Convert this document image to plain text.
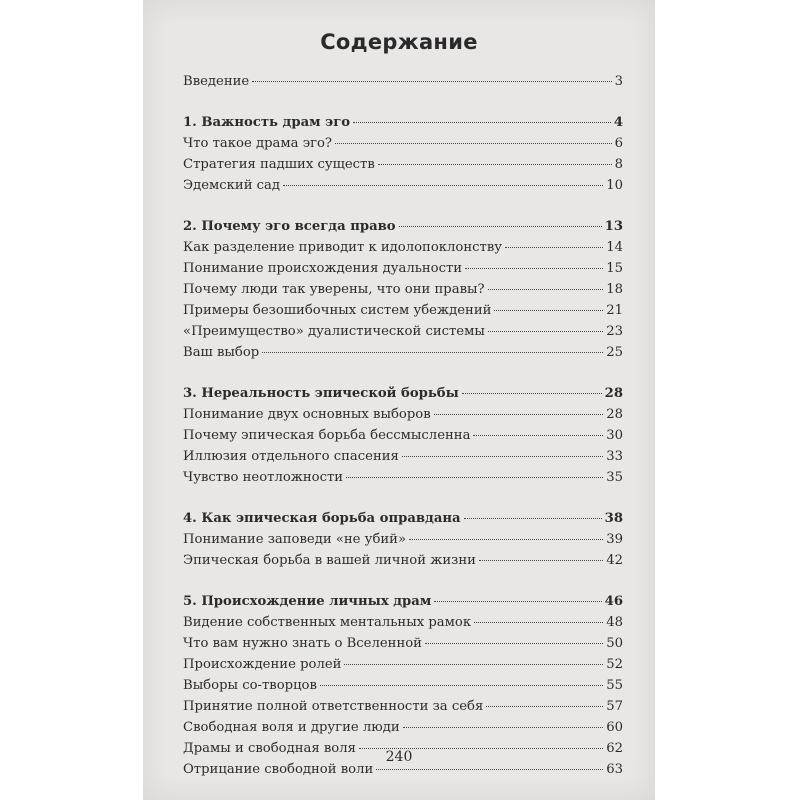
Содержание
Введение	3
1. Важность драм эго	4
Что такое драма эго?	6
Стратегия падших существ	8
Эдемский сад	10
2. Почему эго всегда право	13
Как разделение приводит к идолопоклонству	14
Понимание происхождения дуальности	15
Почему люди так уверены, что они правы?	18
Примеры безошибочных систем убеждений	21
«Преимущество» дуалистической системы	23
Ваш выбор	25
3. Нереальность эпической борьбы	28
Понимание двух основных выборов	28
Почему эпическая борьба бессмысленна	30
Иллюзия отдельного спасения	33
Чувство неотложности	35
4. Как эпическая борьба оправдана	38
Понимание заповеди «не убий»	39
Эпическая борьба в вашей личной жизни	42
5. Происхождение личных драм	46
Видение собственных ментальных рамок	48
Что вам нужно знать о Вселенной	50
Происхождение ролей	52
Выборы со-творцов	55
Принятие полной ответственности за себя	57
Свободная воля и другие люди	60
Драмы и свободная воля	62
Отрицание свободной воли	63
240
